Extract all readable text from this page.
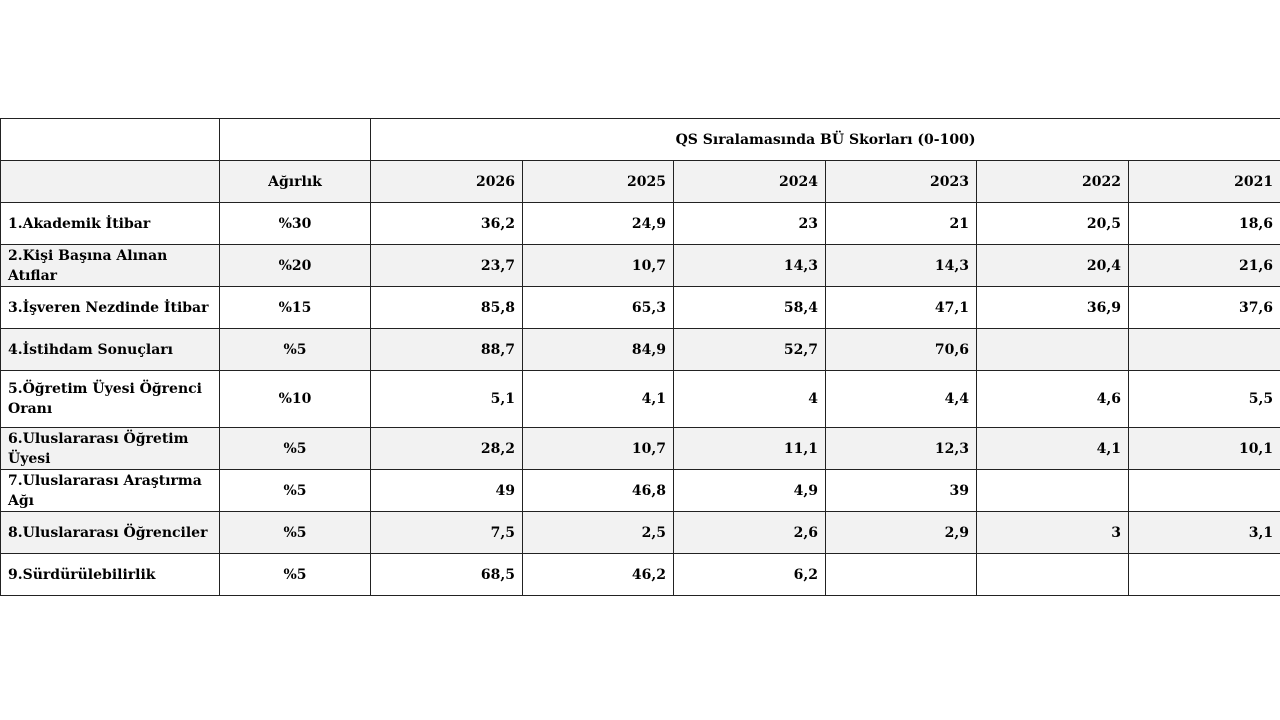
		QS Sıralamasında BÜ Skorları (0-100)					
	Ağırlık	2026	2025	2024	2023	2022	2021
1.Akademik İtibar	%30	36,2	24,9	23	21	20,5	18,6
2.Kişi Başına Alınan Atıflar	%20	23,7	10,7	14,3	14,3	20,4	21,6
3.İşveren Nezdinde İtibar	%15	85,8	65,3	58,4	47,1	36,9	37,6
4.İstihdam Sonuçları	%5	88,7	84,9	52,7	70,6		
5.Öğretim Üyesi Öğrenci Oranı	%10	5,1	4,1	4	4,4	4,6	5,5
6.Uluslararası Öğretim Üyesi	%5	28,2	10,7	11,1	12,3	4,1	10,1
7.Uluslararası Araştırma Ağı	%5	49	46,8	4,9	39		
8.Uluslararası Öğrenciler	%5	7,5	2,5	2,6	2,9	3	3,1
9.Sürdürülebilirlik	%5	68,5	46,2	6,2			
